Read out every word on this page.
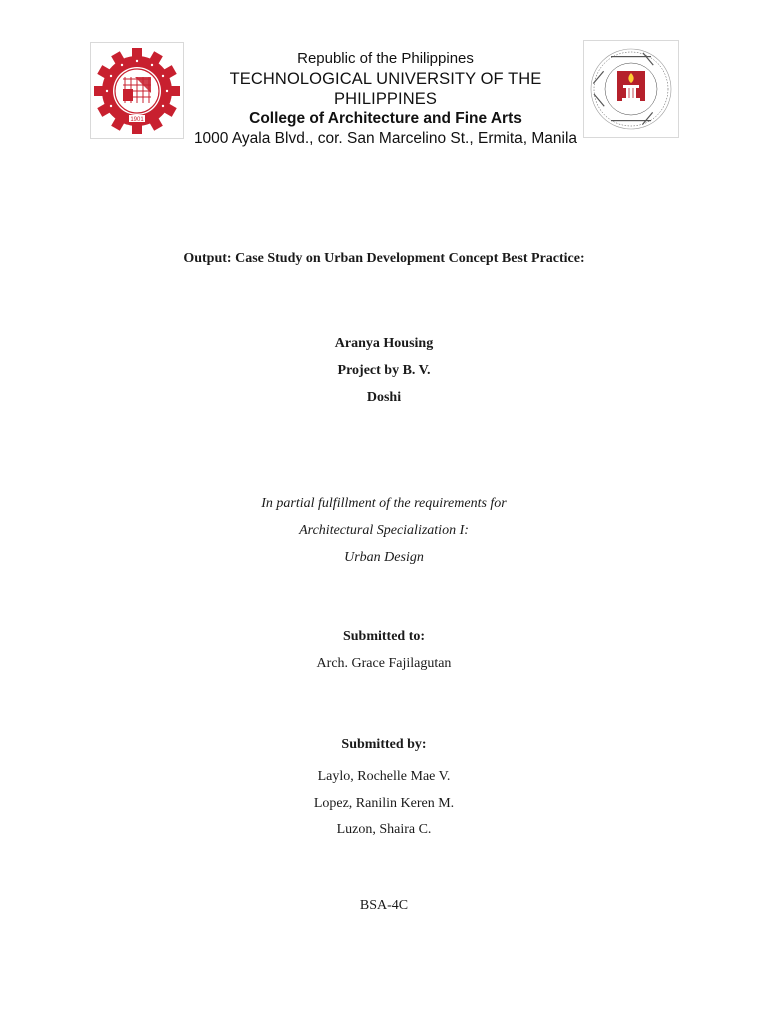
1901
Republic of the Philippines
TECHNOLOGICAL UNIVERSITY OF THE PHILIPPINES
College of Architecture and Fine Arts
1000 Ayala Blvd., cor. San Marcelino St., Ermita, Manila
Output: Case Study on Urban Development Concept Best Practice:
Aranya Housing
Project by B. V.
Doshi
In partial fulfillment of the requirements for
Architectural Specialization I:
Urban Design
Submitted to:
Arch. Grace Fajilagutan
Submitted by:
Laylo, Rochelle Mae V.
Lopez, Ranilin Keren M.
Luzon, Shaira C.
BSA-4C
